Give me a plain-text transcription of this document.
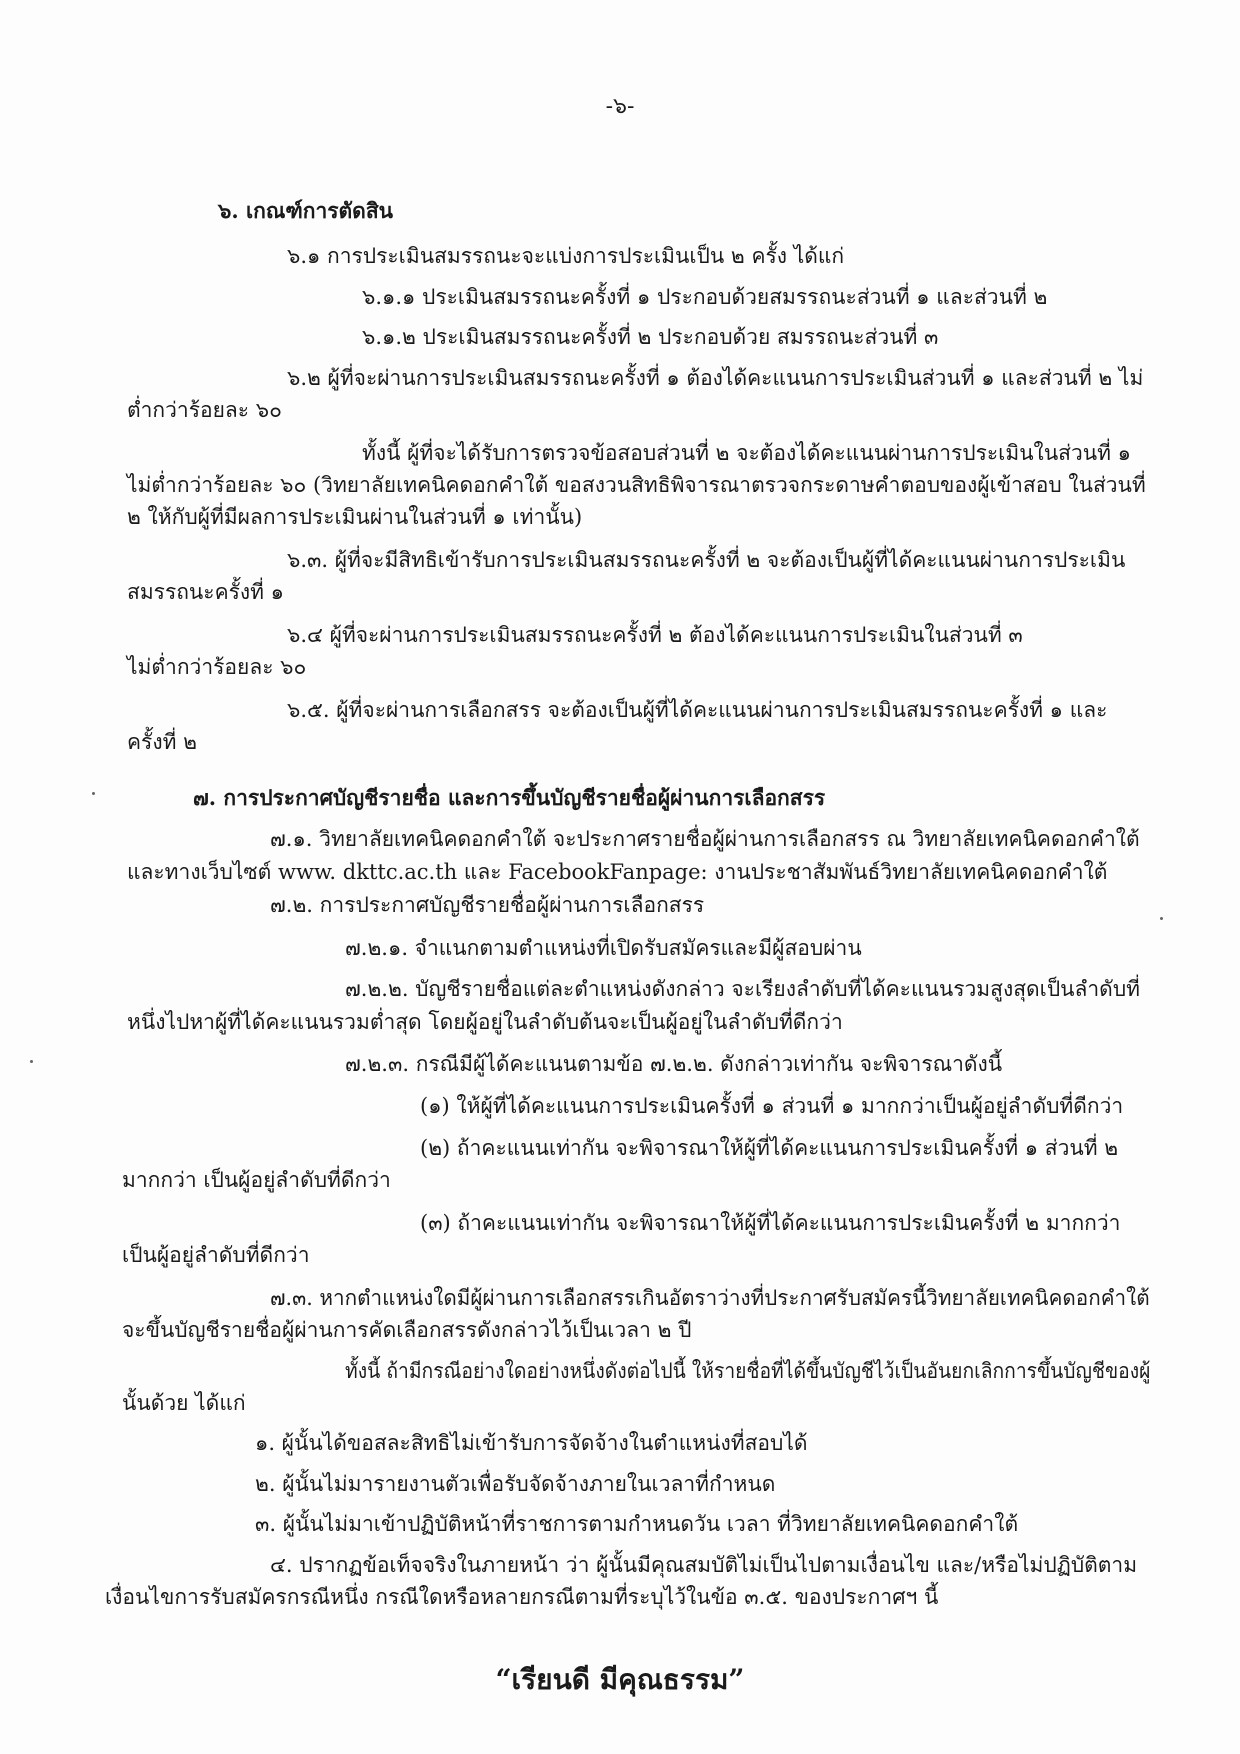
-๖-
๖. เกณฑ์การตัดสิน
๖.๑ การประเมินสมรรถนะจะแบ่งการประเมินเป็น ๒ ครั้ง ได้แก่
๖.๑.๑ ประเมินสมรรถนะครั้งที่ ๑ ประกอบด้วยสมรรถนะส่วนที่ ๑ และส่วนที่ ๒
๖.๑.๒ ประเมินสมรรถนะครั้งที่ ๒ ประกอบด้วย สมรรถนะส่วนที่ ๓
๖.๒ ผู้ที่จะผ่านการประเมินสมรรถนะครั้งที่ ๑ ต้องได้คะแนนการประเมินส่วนที่ ๑ และส่วนที่ ๒ ไม่
ต่ำกว่าร้อยละ ๖๐
ทั้งนี้ ผู้ที่จะได้รับการตรวจข้อสอบส่วนที่ ๒ จะต้องได้คะแนนผ่านการประเมินในส่วนที่ ๑
ไม่ต่ำกว่าร้อยละ ๖๐ (วิทยาลัยเทคนิคดอกคำใต้ ขอสงวนสิทธิพิจารณาตรวจกระดาษคำตอบของผู้เข้าสอบ ในส่วนที่
๒ ให้กับผู้ที่มีผลการประเมินผ่านในส่วนที่ ๑ เท่านั้น)
๖.๓. ผู้ที่จะมีสิทธิเข้ารับการประเมินสมรรถนะครั้งที่ ๒ จะต้องเป็นผู้ที่ได้คะแนนผ่านการประเมิน
สมรรถนะครั้งที่ ๑
๖.๔ ผู้ที่จะผ่านการประเมินสมรรถนะครั้งที่ ๒ ต้องได้คะแนนการประเมินในส่วนที่ ๓
ไม่ต่ำกว่าร้อยละ ๖๐
๖.๕. ผู้ที่จะผ่านการเลือกสรร จะต้องเป็นผู้ที่ได้คะแนนผ่านการประเมินสมรรถนะครั้งที่ ๑ และ
ครั้งที่ ๒
๗. การประกาศบัญชีรายชื่อ และการขึ้นบัญชีรายชื่อผู้ผ่านการเลือกสรร
๗.๑. วิทยาลัยเทคนิคดอกคำใต้ จะประกาศรายชื่อผู้ผ่านการเลือกสรร ณ วิทยาลัยเทคนิคดอกคำใต้
และทางเว็บไซต์ www. dkttc.ac.th และ FacebookFanpage: งานประชาสัมพันธ์วิทยาลัยเทคนิคดอกคำใต้
๗.๒. การประกาศบัญชีรายชื่อผู้ผ่านการเลือกสรร
๗.๒.๑. จำแนกตามตำแหน่งที่เปิดรับสมัครและมีผู้สอบผ่าน
๗.๒.๒. บัญชีรายชื่อแต่ละตำแหน่งดังกล่าว จะเรียงลำดับที่ได้คะแนนรวมสูงสุดเป็นลำดับที่
หนึ่งไปหาผู้ที่ได้คะแนนรวมต่ำสุด โดยผู้อยู่ในลำดับต้นจะเป็นผู้อยู่ในลำดับที่ดีกว่า
๗.๒.๓. กรณีมีผู้ได้คะแนนตามข้อ ๗.๒.๒. ดังกล่าวเท่ากัน จะพิจารณาดังนี้
(๑) ให้ผู้ที่ได้คะแนนการประเมินครั้งที่ ๑ ส่วนที่ ๑ มากกว่าเป็นผู้อยู่ลำดับที่ดีกว่า
(๒) ถ้าคะแนนเท่ากัน จะพิจารณาให้ผู้ที่ได้คะแนนการประเมินครั้งที่ ๑ ส่วนที่ ๒
มากกว่า เป็นผู้อยู่ลำดับที่ดีกว่า
(๓) ถ้าคะแนนเท่ากัน จะพิจารณาให้ผู้ที่ได้คะแนนการประเมินครั้งที่ ๒ มากกว่า
เป็นผู้อยู่ลำดับที่ดีกว่า
๗.๓. หากตำแหน่งใดมีผู้ผ่านการเลือกสรรเกินอัตราว่างที่ประกาศรับสมัครนี้วิทยาลัยเทคนิคดอกคำใต้
จะขึ้นบัญชีรายชื่อผู้ผ่านการคัดเลือกสรรดังกล่าวไว้เป็นเวลา ๒ ปี
ทั้งนี้ ถ้ามีกรณีอย่างใดอย่างหนึ่งดังต่อไปนี้ ให้รายชื่อที่ได้ขึ้นบัญชีไว้เป็นอันยกเลิกการขึ้นบัญชีของผู้
นั้นด้วย ได้แก่
๑. ผู้นั้นได้ขอสละสิทธิไม่เข้ารับการจัดจ้างในตำแหน่งที่สอบได้
๒. ผู้นั้นไม่มารายงานตัวเพื่อรับจัดจ้างภายในเวลาที่กำหนด
๓. ผู้นั้นไม่มาเข้าปฏิบัติหน้าที่ราชการตามกำหนดวัน เวลา ที่วิทยาลัยเทคนิคดอกคำใต้
๔. ปรากฏข้อเท็จจริงในภายหน้า ว่า ผู้นั้นมีคุณสมบัติไม่เป็นไปตามเงื่อนไข และ/หรือไม่ปฏิบัติตาม
เงื่อนไขการรับสมัครกรณีหนึ่ง กรณีใดหรือหลายกรณีตามที่ระบุไว้ในข้อ ๓.๕. ของประกาศฯ นี้
“เรียนดี มีคุณธรรม”
